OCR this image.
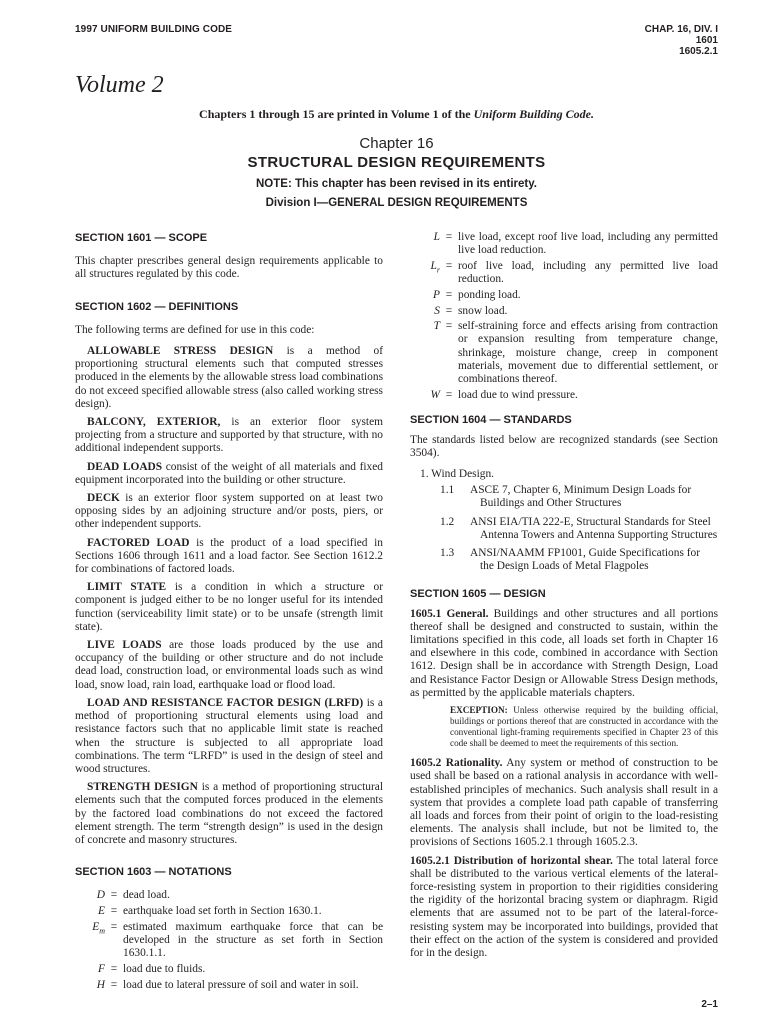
1997 UNIFORM BUILDING CODE	CHAP. 16, DIV. I
1601
1605.2.1
Volume 2
Chapters 1 through 15 are printed in Volume 1 of the Uniform Building Code.
Chapter 16
STRUCTURAL DESIGN REQUIREMENTS
NOTE: This chapter has been revised in its entirety.
Division I—GENERAL DESIGN REQUIREMENTS
SECTION 1601 — SCOPE

This chapter prescribes general design requirements applicable to all structures regulated by this code.

SECTION 1602 — DEFINITIONS

The following terms are defined for use in this code:

ALLOWABLE STRESS DESIGN is a method of proportioning structural elements such that computed stresses produced in the elements by the allowable stress load combinations do not exceed specified allowable stress (also called working stress design).

BALCONY, EXTERIOR, is an exterior floor system projecting from a structure and supported by that structure, with no additional independent supports.

DEAD LOADS consist of the weight of all materials and fixed equipment incorporated into the building or other structure.

DECK is an exterior floor system supported on at least two opposing sides by an adjoining structure and/or posts, piers, or other independent supports.

FACTORED LOAD is the product of a load specified in Sections 1606 through 1611 and a load factor. See Section 1612.2 for combinations of factored loads.

LIMIT STATE is a condition in which a structure or component is judged either to be no longer useful for its intended function (serviceability limit state) or to be unsafe (strength limit state).

LIVE LOADS are those loads produced by the use and occupancy of the building or other structure and do not include dead load, construction load, or environmental loads such as wind load, snow load, rain load, earthquake load or flood load.

LOAD AND RESISTANCE FACTOR DESIGN (LRFD) is a method of proportioning structural elements using load and resistance factors such that no applicable limit state is reached when the structure is subjected to all appropriate load combinations. The term “LRFD” is used in the design of steel and wood structures.

STRENGTH DESIGN is a method of proportioning structural elements such that the computed forces produced in the elements by the factored load combinations do not exceed the factored element strength. The term “strength design” is used in the design of concrete and masonry structures.

SECTION 1603 — NOTATIONS
D = dead load.
E = earthquake load set forth in Section 1630.1.
$E_m$ = estimated maximum earthquake force that can be developed in the structure as set forth in Section 1630.1.1.
F = load due to fluids.
H = load due to lateral pressure of soil and water in soil.
L = live load, except roof live load, including any permitted live load reduction.
$L_r$ = roof live load, including any permitted live load reduction.
P = ponding load.
S = snow load.
T = self-straining force and effects arising from contraction or expansion resulting from temperature change, shrinkage, moisture change, creep in component materials, movement due to differential settlement, or combinations thereof.
W = load due to wind pressure.
SECTION 1604 — STANDARDS

The standards listed below are recognized standards (see Section 3504).

1. Wind Design.
1.1	ASCE 7, Chapter 6, Minimum Design Loads for
Buildings and Other Structures
1.2	ANSI EIA/TIA 222-E, Structural Standards for Steel
Antenna Towers and Antenna Supporting Structures
1.3	ANSI/NAAMM FP1001, Guide Specifications for
the Design Loads of Metal Flagpoles
SECTION 1605 — DESIGN

1605.1 General. Buildings and other structures and all portions thereof shall be designed and constructed to sustain, within the limitations specified in this code, all loads set forth in Chapter 16 and elsewhere in this code, combined in accordance with Section 1612. Design shall be in accordance with Strength Design, Load and Resistance Factor Design or Allowable Stress Design methods, as permitted by the applicable materials chapters.

EXCEPTION: Unless otherwise required by the building official, buildings or portions thereof that are constructed in accordance with the conventional light-framing requirements specified in Chapter 23 of this code shall be deemed to meet the requirements of this section.

1605.2 Rationality. Any system or method of construction to be used shall be based on a rational analysis in accordance with well-established principles of mechanics. Such analysis shall result in a system that provides a complete load path capable of transferring all loads and forces from their point of origin to the load-resisting elements. The analysis shall include, but not be limited to, the provisions of Sections 1605.2.1 through 1605.2.3.

1605.2.1 Distribution of horizontal shear. The total lateral force shall be distributed to the various vertical elements of the lateral-force-resisting system in proportion to their rigidities considering the rigidity of the horizontal bracing system or diaphragm. Rigid elements that are assumed not to be part of the lateral-force-resisting system may be incorporated into buildings, provided that their effect on the action of the system is considered and provided for in the design.

2–1
